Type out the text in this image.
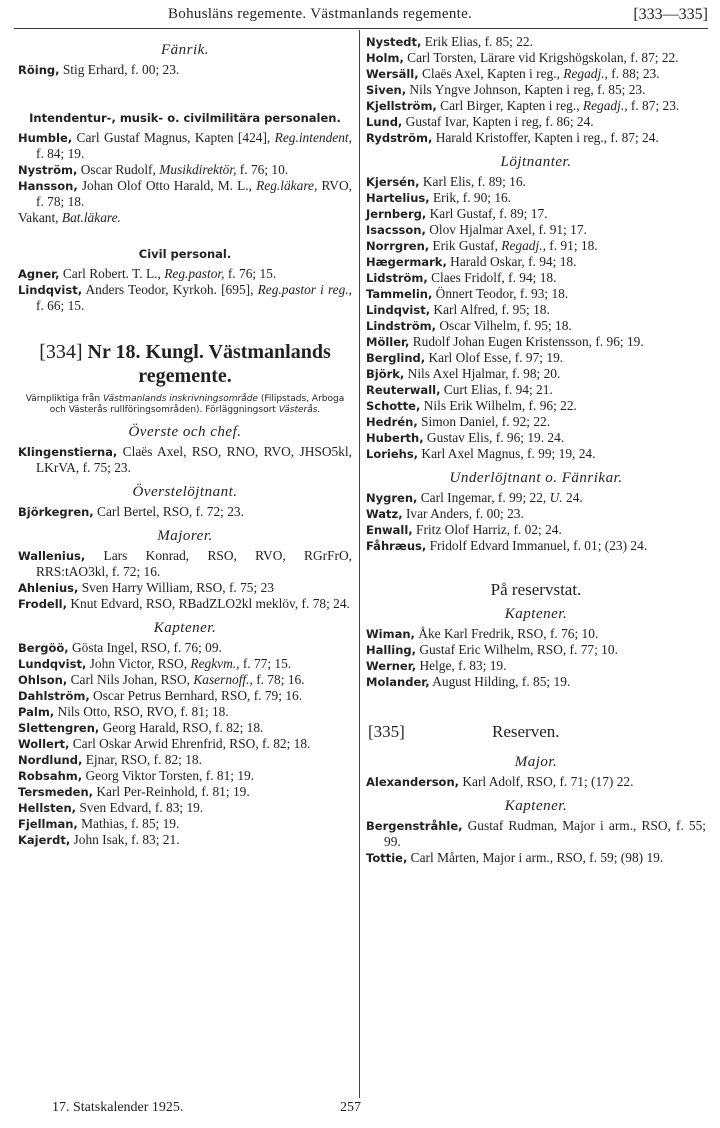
Bohusläns regemente. Västmanlands regemente.	[333—335]
Fänrik.

Röing, Stig Erhard, f. 00; 23.

Intendentur-, musik- o. civilmilitära personalen.

Humble, Carl Gustaf Magnus, Kapten [424], Reg.intendent, f. 84; 19.

Nyström, Oscar Rudolf, Musikdirektör, f. 76; 10.

Hansson, Johan Olof Otto Harald, M. L., Reg.läkare, RVO, f. 78; 18.

Vakant, Bat.läkare.

Civil personal.

Agner, Carl Robert. T. L., Reg.pastor, f. 76; 15.

Lindqvist, Anders Teodor, Kyrkoh. [695], Reg.pastor i reg., f. 66; 15.

[334] Nr 18. Kungl. Västmanlands regemente.
Värnpliktiga från Västmanlands inskrivningsområde (Filipstads, Arboga och Västerås rullföringsområden). Förläggningsort Västerås.
Överste och chef.

Klingenstierna, Claës Axel, RSO, RNO, RVO, JHSO5kl, LKrVA, f. 75; 23.

Överstelöjtnant.

Björkegren, Carl Bertel, RSO, f. 72; 23.

Majorer.

Wallenius, Lars Konrad, RSO, RVO, RGrFrO, RRS:tAO3kl, f. 72; 16.

Ahlenius, Sven Harry William, RSO, f. 75; 23

Frodell, Knut Edvard, RSO, RBadZLO2kl meklöv, f. 78; 24.

Kaptener.

Bergöö, Gösta Ingel, RSO, f. 76; 09.

Lundqvist, John Victor, RSO, Regkvm., f. 77; 15.

Ohlson, Carl Nils Johan, RSO, Kasernoff., f. 78; 16.

Dahlström, Oscar Petrus Bernhard, RSO, f. 79; 16.

Palm, Nils Otto, RSO, RVO, f. 81; 18.

Slettengren, Georg Harald, RSO, f. 82; 18.

Wollert, Carl Oskar Arwid Ehrenfrid, RSO, f. 82; 18.

Nordlund, Ejnar, RSO, f. 82; 18.

Robsahm, Georg Viktor Torsten, f. 81; 19.

Tersmeden, Karl Per-Reinhold, f. 81; 19.

Hellsten, Sven Edvard, f. 83; 19.

Fjellman, Mathias, f. 85; 19.

Kajerdt, John Isak, f. 83; 21.

Nystedt, Erik Elias, f. 85; 22.

Holm, Carl Torsten, Lärare vid Krigshögskolan, f. 87; 22.

Wersäll, Claës Axel, Kapten i reg., Regadj., f. 88; 23.

Siven, Nils Yngve Johnson, Kapten i reg, f. 85; 23.

Kjellström, Carl Birger, Kapten i reg., Regadj., f. 87; 23.

Lund, Gustaf Ivar, Kapten i reg, f. 86; 24.

Rydström, Harald Kristoffer, Kapten i reg., f. 87; 24.

Löjtnanter.

Kjersén, Karl Elis, f. 89; 16.

Hartelius, Erik, f. 90; 16.

Jernberg, Karl Gustaf, f. 89; 17.

Isacsson, Olov Hjalmar Axel, f. 91; 17.

Norrgren, Erik Gustaf, Regadj., f. 91; 18.

Hægermark, Harald Oskar, f. 94; 18.

Lidström, Claes Fridolf, f. 94; 18.

Tammelin, Önnert Teodor, f. 93; 18.

Lindqvist, Karl Alfred, f. 95; 18.

Lindström, Oscar Vilhelm, f. 95; 18.

Möller, Rudolf Johan Eugen Kristensson, f. 96; 19.

Berglind, Karl Olof Esse, f. 97; 19.

Björk, Nils Axel Hjalmar, f. 98; 20.

Reuterwall, Curt Elias, f. 94; 21.

Schotte, Nils Erik Wilhelm, f. 96; 22.

Hedrén, Simon Daniel, f. 92; 22.

Huberth, Gustav Elis, f. 96; 19. 24.

Loriehs, Karl Axel Magnus, f. 99; 19, 24.

Underlöjtnant o. Fänrikar.

Nygren, Carl Ingemar, f. 99; 22, U. 24.

Watz, Ivar Anders, f. 00; 23.

Enwall, Fritz Olof Harriz, f. 02; 24.

Fåhræus, Fridolf Edvard Immanuel, f. 01; (23) 24.

På reservstat.
Kaptener.

Wiman, Åke Karl Fredrik, RSO, f. 76; 10.

Halling, Gustaf Eric Wilhelm, RSO, f. 77; 10.

Werner, Helge, f. 83; 19.

Molander, August Hilding, f. 85; 19.

[335]	Reserven.
Major.

Alexanderson, Karl Adolf, RSO, f. 71; (17) 22.

Kaptener.

Bergenstråhle, Gustaf Rudman, Major i arm., RSO, f. 55; 99.

Tottie, Carl Mårten, Major i arm., RSO, f. 59; (98) 19.

17. Statskalender 1925.	257
